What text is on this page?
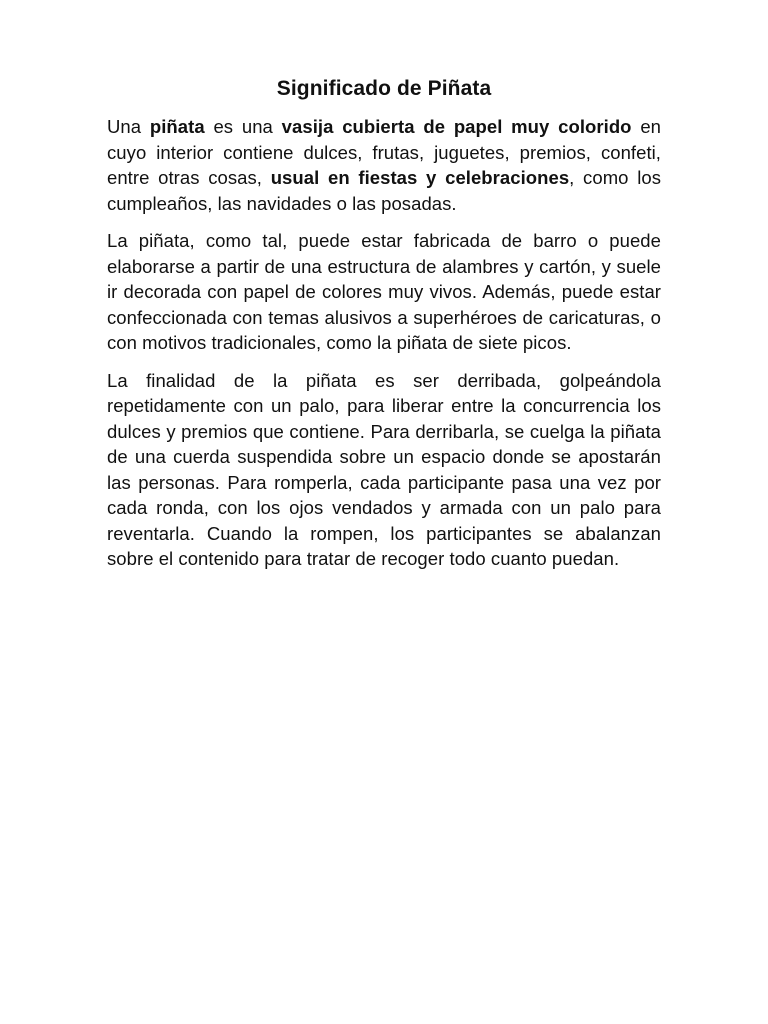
Significado de Piñata

Una piñata es una vasija cubierta de papel muy colorido en cuyo interior contiene dulces, frutas, juguetes, premios, confeti, entre otras cosas, usual en fiestas y celebraciones, como los cumpleaños, las navidades o las posadas.

La piñata, como tal, puede estar fabricada de barro o puede elaborarse a partir de una estructura de alambres y cartón, y suele ir decorada con papel de colores muy vivos. Además, puede estar confeccionada con temas alusivos a superhéroes de caricaturas, o con motivos tradicionales, como la piñata de siete picos.

La finalidad de la piñata es ser derribada, golpeándola repetidamente con un palo, para liberar entre la concurrencia los dulces y premios que contiene. Para derribarla, se cuelga la piñata de una cuerda suspendida sobre un espacio donde se apostarán las personas. Para romperla, cada participante pasa una vez por cada ronda, con los ojos vendados y armada con un palo para reventarla. Cuando la rompen, los participantes se abalanzan sobre el contenido para tratar de recoger todo cuanto puedan.
